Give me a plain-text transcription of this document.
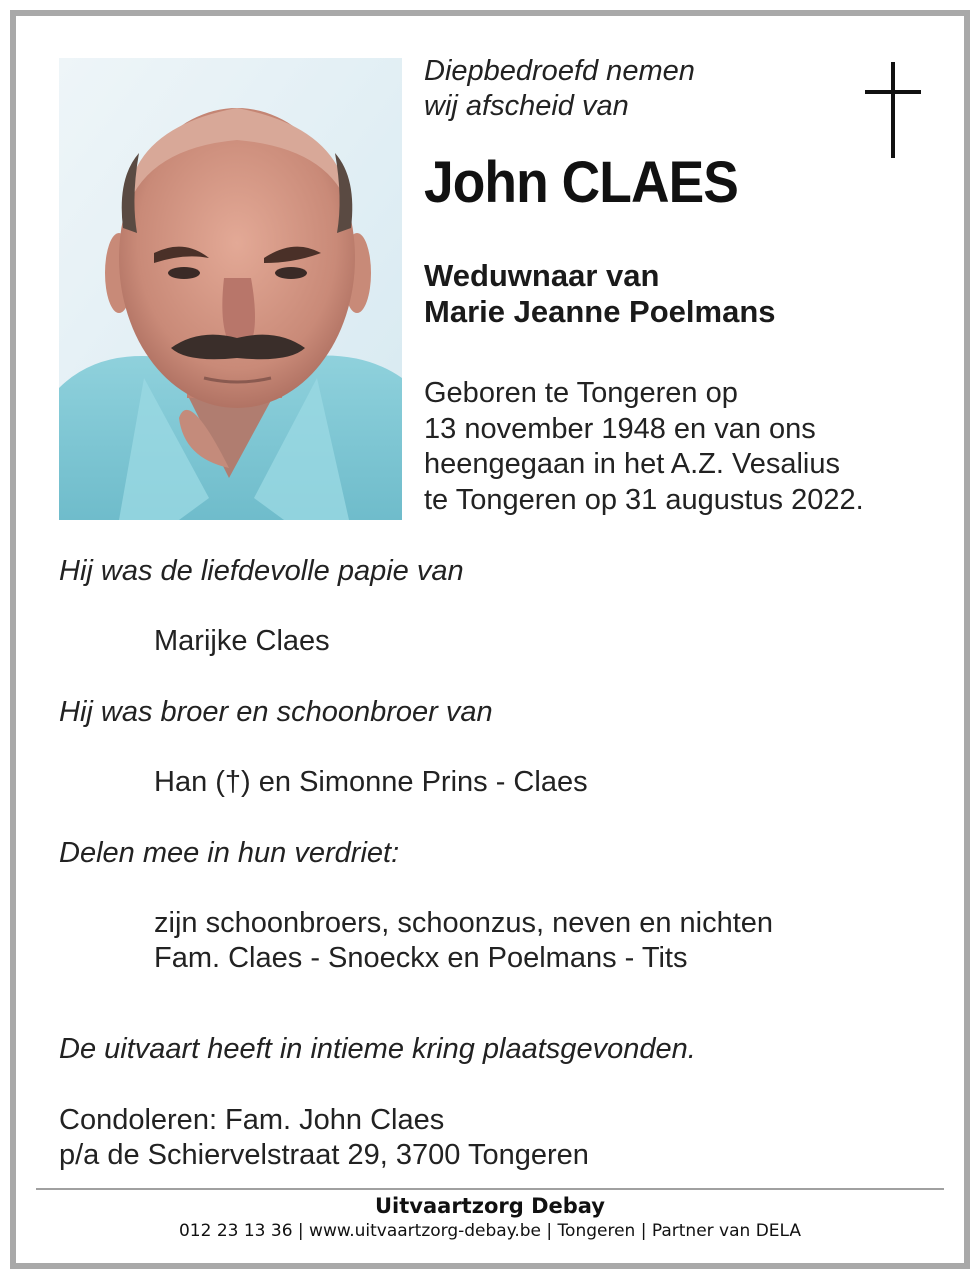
Diepbedroefd nemen
wij afscheid van
John CLAES
Weduwnaar van
Marie Jeanne Poelmans
Geboren te Tongeren op
13 november 1948 en van ons
heengegaan in het A.Z. Vesalius
te Tongeren op 31 augustus 2022.
Hij was de liefdevolle papie van
Marijke Claes
Hij was broer en schoonbroer van
Han (†) en Simonne Prins - Claes
Delen mee in hun verdriet:
zijn schoonbroers, schoonzus, neven en nichten
Fam. Claes - Snoeckx en Poelmans - Tits
De uitvaart heeft in intieme kring plaatsgevonden.
Condoleren: Fam. John Claes
p/a de Schiervelstraat 29, 3700 Tongeren
Uitvaartzorg Debay
012 23 13 36 | www.uitvaartzorg-debay.be | Tongeren | Partner van DELA
